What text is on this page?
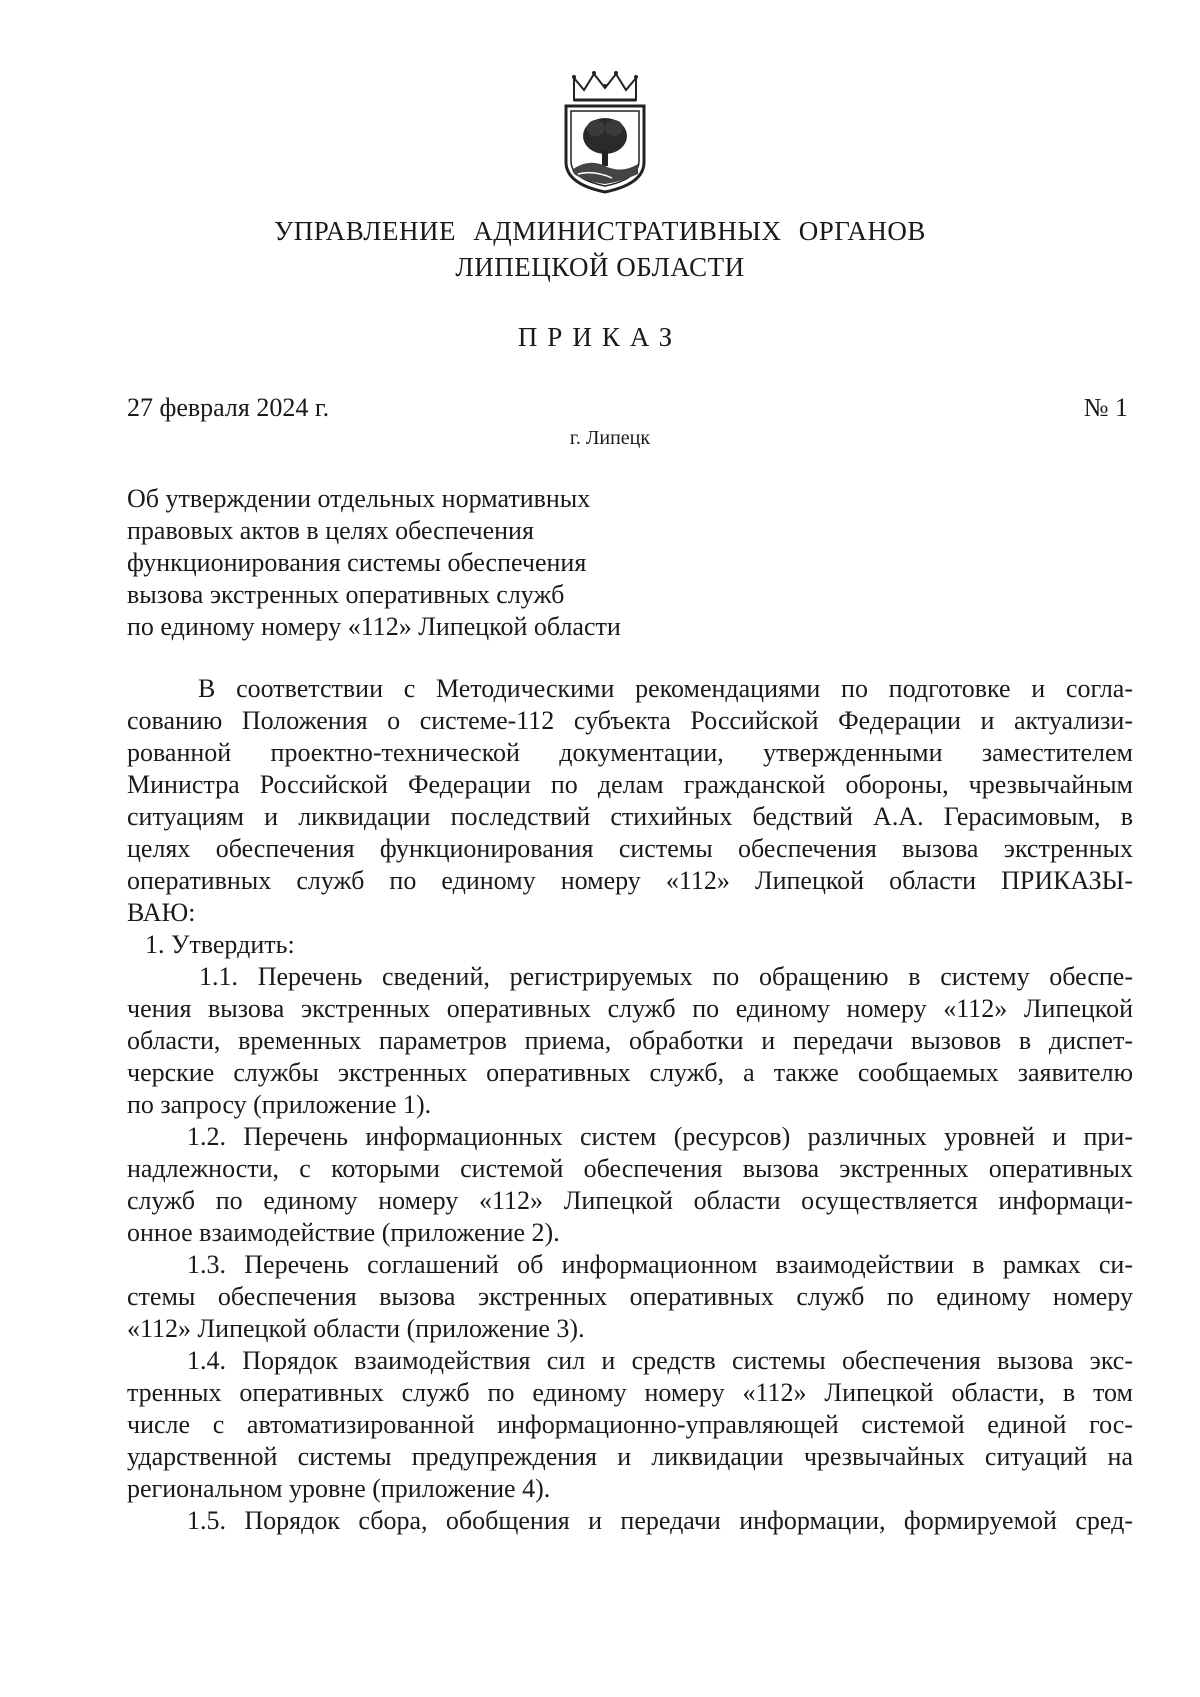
УПРАВЛЕНИЕ АДМИНИСТРАТИВНЫХ ОРГАНОВ
ЛИПЕЦКОЙ ОБЛАСТИ
ПРИКАЗ
27 февраля 2024 г.	№ 1
г. Липецк
Об утверждении отдельных нормативных
правовых актов в целях обеспечения
функционирования системы обеспечения
вызова экстренных оперативных служб
по единому номеру «112» Липецкой области
В соответствии с Методическими рекомендациями по подготовке и согла-
сованию Положения о системе-112 субъекта Российской Федерации и актуализи-
рованной проектно-технической документации, утвержденными заместителем
Министра Российской Федерации по делам гражданской обороны, чрезвычайным
ситуациям и ликвидации последствий стихийных бедствий А.А. Герасимовым, в
целях обеспечения функционирования системы обеспечения вызова экстренных
оперативных служб по единому номеру «112» Липецкой области ПРИКАЗЫ-
ВАЮ:
1. Утвердить:
1.1. Перечень сведений, регистрируемых по обращению в систему обеспе-
чения вызова экстренных оперативных служб по единому номеру «112» Липецкой
области, временных параметров приема, обработки и передачи вызовов в диспет-
черские службы экстренных оперативных служб, а также сообщаемых заявителю
по запросу (приложение 1).
1.2. Перечень информационных систем (ресурсов) различных уровней и при-
надлежности, с которыми системой обеспечения вызова экстренных оперативных
служб по единому номеру «112» Липецкой области осуществляется информаци-
онное взаимодействие (приложение 2).
1.3. Перечень соглашений об информационном взаимодействии в рамках си-
стемы обеспечения вызова экстренных оперативных служб по единому номеру
«112» Липецкой области (приложение 3).
1.4. Порядок взаимодействия сил и средств системы обеспечения вызова экс-
тренных оперативных служб по единому номеру «112» Липецкой области, в том
числе с автоматизированной информационно-управляющей системой единой гос-
ударственной системы предупреждения и ликвидации чрезвычайных ситуаций на
региональном уровне (приложение 4).
1.5. Порядок сбора, обобщения и передачи информации, формируемой сред-
